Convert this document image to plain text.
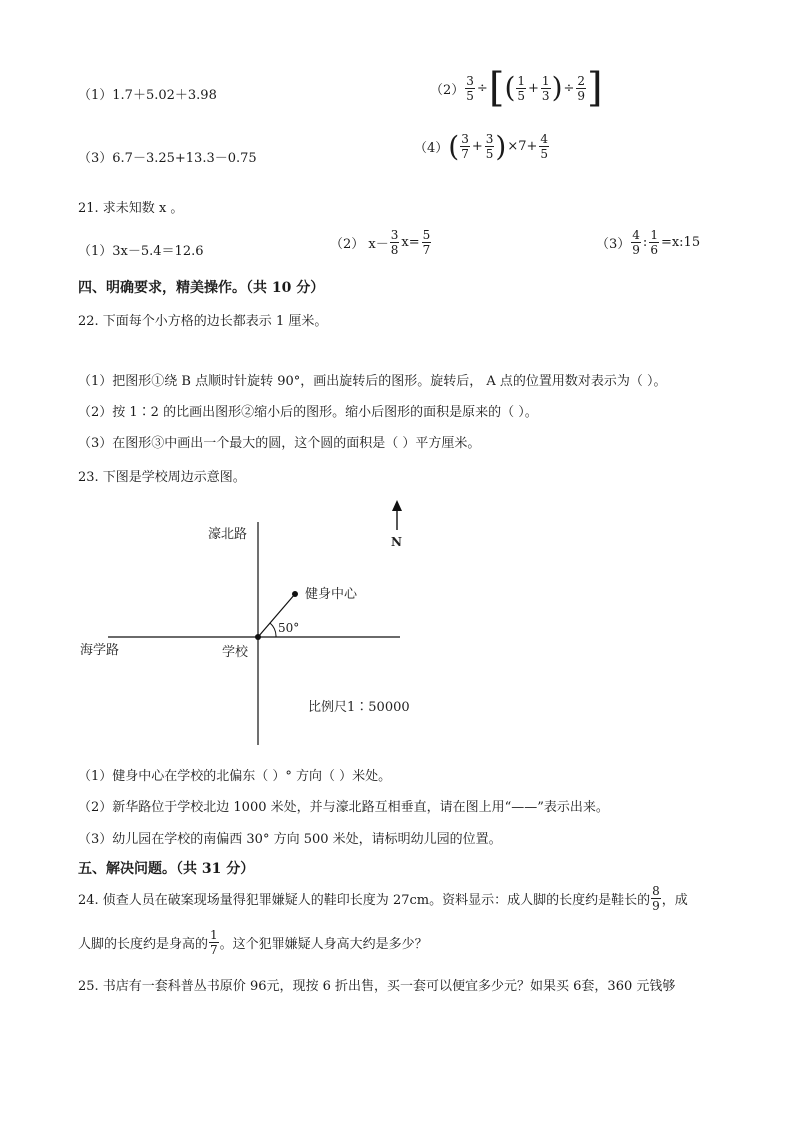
（1）1.7＋5.02＋3.98	$(2) \frac{3}{5}$ ÷ [ ( $\frac{1}{5} + \frac{1}{3}$ ) ÷ $\frac{2}{9}$ ]
（3）6.7－3.25+13.3－0.75
（4） ( $\frac{3}{7} + \frac{3}{5}$ ) $\times 7+ \frac{4}{5}$
21. 求未知数 x 。
（1）3x－5.4＝12.6	（2） $x- \frac{3}{8} x= \frac{5}{7}$	$(3) \frac{4}{9}$ : $\frac{1}{6}$ =x:15
四、明确要求，精美操作。（共 10 分）
22. 下面每个小方格的边长都表示 1 厘米。
（1）把图形①绕 B 点顺时针旋转 90°，画出旋转后的图形。旋转后， A 点的位置用数对表示为（ ）。
（2）按 1∶2 的比画出图形②缩小后的图形。缩小后图形的面积是原来的（ ）。
（3）在图形③中画出一个最大的圆，这个圆的面积是（ ）平方厘米。
23. 下图是学校周边示意图。
濠北路
海学路	学校
健身中心
50°
N
比例尺1∶50000
（1）健身中心在学校的北偏东（ ）° 方向（ ）米处。
（2）新华路位于学校北边 1000 米处，并与濠北路互相垂直，请在图上用“——”表示出来。
（3）幼儿园在学校的南偏西 30° 方向 500 米处，请标明幼儿园的位置。
五、解决问题。（共 31 分）
24. 侦查人员在破案现场量得犯罪嫌疑人的鞋印长度为 27cm。资料显示：成人脚的长度约是鞋长的 $\frac{8}{9}$ ，成
人脚的长度约是身高的 $\frac{1}{7}$ 。这个犯罪嫌疑人身高大约是多少？
25. 书店有一套科普丛书原价 96元，现按 6 折出售，买一套可以便宜多少元？如果买 6套，360 元钱够
